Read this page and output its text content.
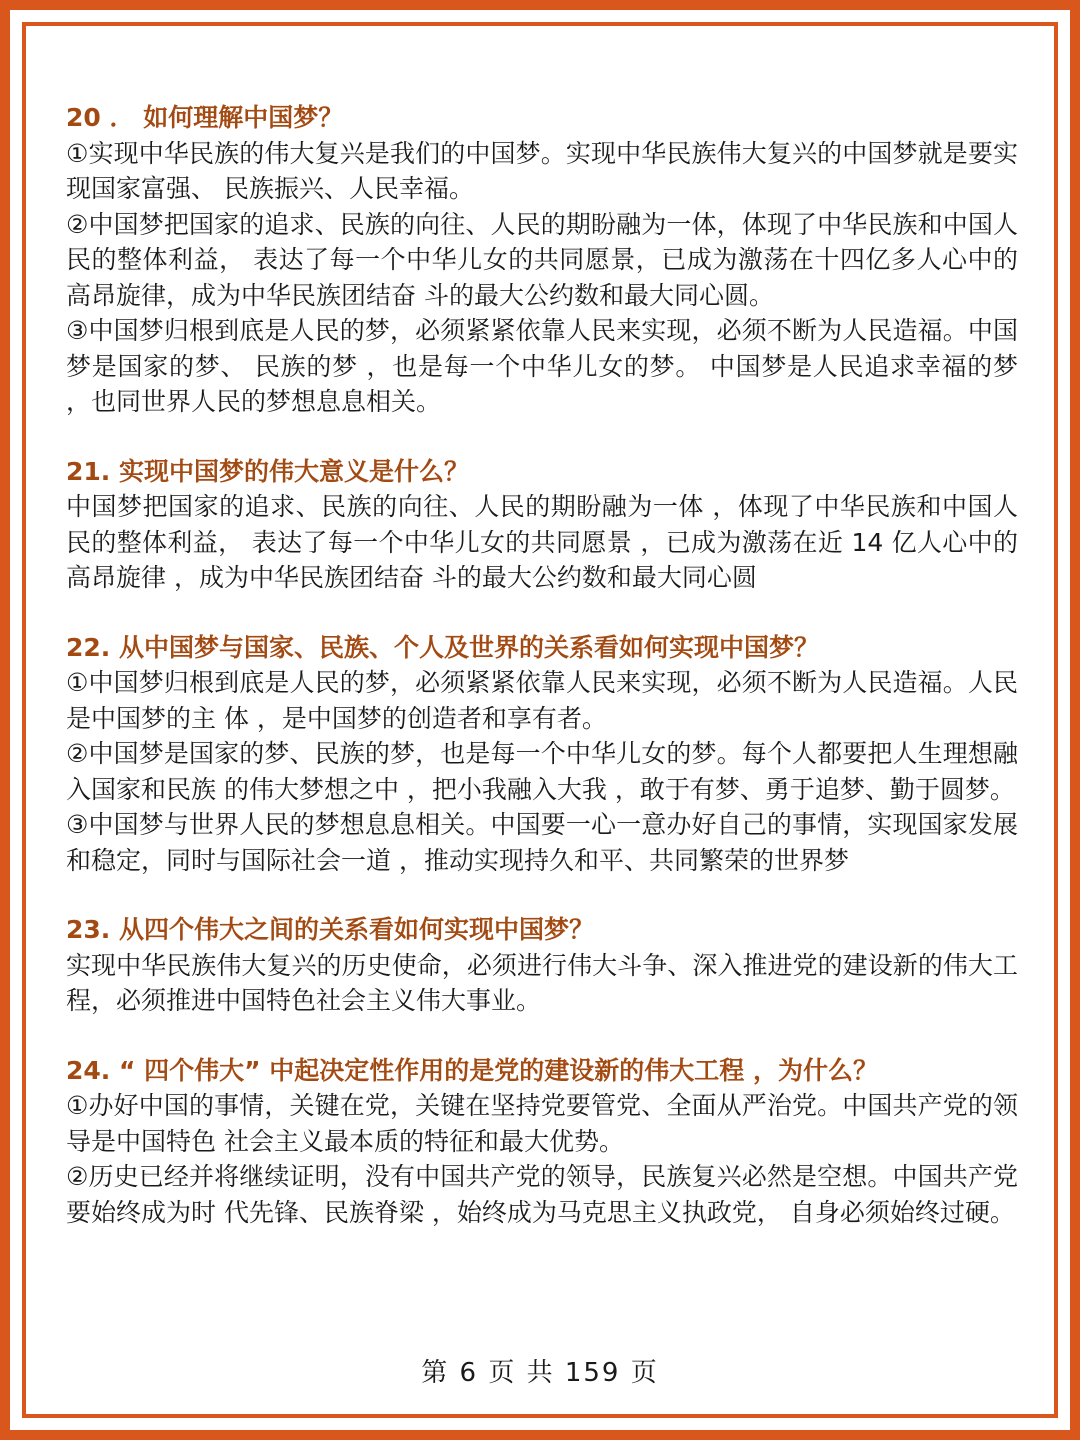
20 ． 如何理解中国梦？

①实现中华民族的伟大复兴是我们的中国梦。实现中华民族伟大复兴的中国梦就是要实现国家富强、 民族振兴、人民幸福。

②中国梦把国家的追求、民族的向往、人民的期盼融为一体，体现了中华民族和中国人民的整体利益， 表达了每一个中华儿女的共同愿景，已成为激荡在十四亿多人心中的高昂旋律，成为中华民族团结奋 斗的最大公约数和最大同心圆。

③中国梦归根到底是人民的梦，必须紧紧依靠人民来实现，必须不断为人民造福。中国梦是国家的梦、 民族的梦 ，也是每一个中华儿女的梦。 中国梦是人民追求幸福的梦 ，也同世界人民的梦想息息相关。

21. 实现中国梦的伟大意义是什么？

中国梦把国家的追求、民族的向往、人民的期盼融为一体 ，体现了中华民族和中国人民的整体利益， 表达了每一个中华儿女的共同愿景 ，已成为激荡在近 14 亿人心中的高昂旋律 ，成为中华民族团结奋 斗的最大公约数和最大同心圆

22. 从中国梦与国家、民族、个人及世界的关系看如何实现中国梦？

①中国梦归根到底是人民的梦，必须紧紧依靠人民来实现，必须不断为人民造福。人民是中国梦的主 体 ，是中国梦的创造者和享有者。

②中国梦是国家的梦、民族的梦，也是每一个中华儿女的梦。每个人都要把人生理想融入国家和民族 的伟大梦想之中 ，把小我融入大我 ，敢于有梦、勇于追梦、勤于圆梦。

③中国梦与世界人民的梦想息息相关。中国要一心一意办好自己的事情，实现国家发展和稳定，同时与国际社会一道 ，推动实现持久和平、共同繁荣的世界梦

23. 从四个伟大之间的关系看如何实现中国梦？

实现中华民族伟大复兴的历史使命，必须进行伟大斗争、深入推进党的建设新的伟大工程，必须推进中国特色社会主义伟大事业。

24. “ 四个伟大” 中起决定性作用的是党的建设新的伟大工程 ，为什么？

①办好中国的事情，关键在党，关键在坚持党要管党、全面从严治党。中国共产党的领导是中国特色 社会主义最本质的特征和最大优势。

②历史已经并将继续证明，没有中国共产党的领导，民族复兴必然是空想。中国共产党要始终成为时 代先锋、民族脊梁 ，始终成为马克思主义执政党， 自身必须始终过硬。

第 6 页 共 159 页
